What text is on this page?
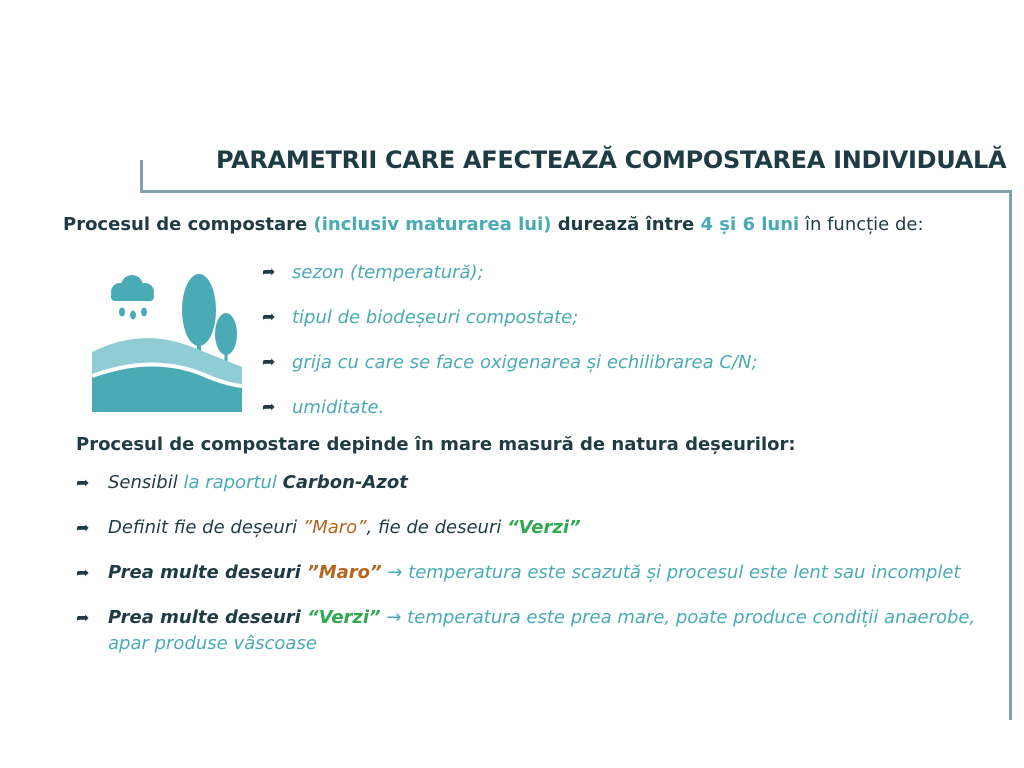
PARAMETRII CARE AFECTEAZĂ COMPOSTAREA INDIVIDUALĂ
Procesul de compostare (inclusiv maturarea lui) durează între 4 și 6 luni în funcție de:
➦ sezon (temperatură);
➦ tipul de biodeșeuri compostate;
➦ grija cu care se face oxigenarea și echilibrarea C/N;
➦ umiditate.
Procesul de compostare depinde în mare masură de natura deșeurilor:
➦	Sensibil la raportul Carbon-Azot
➦	Definit fie de deșeuri ”Maro”, fie de deseuri “Verzi”
➦	Prea multe deseuri ”Maro” → temperatura este scazută și procesul este lent sau incomplet
➦	Prea multe deseuri “Verzi” → temperatura este prea mare, poate produce condiții anaerobe, apar produse vâscoase
